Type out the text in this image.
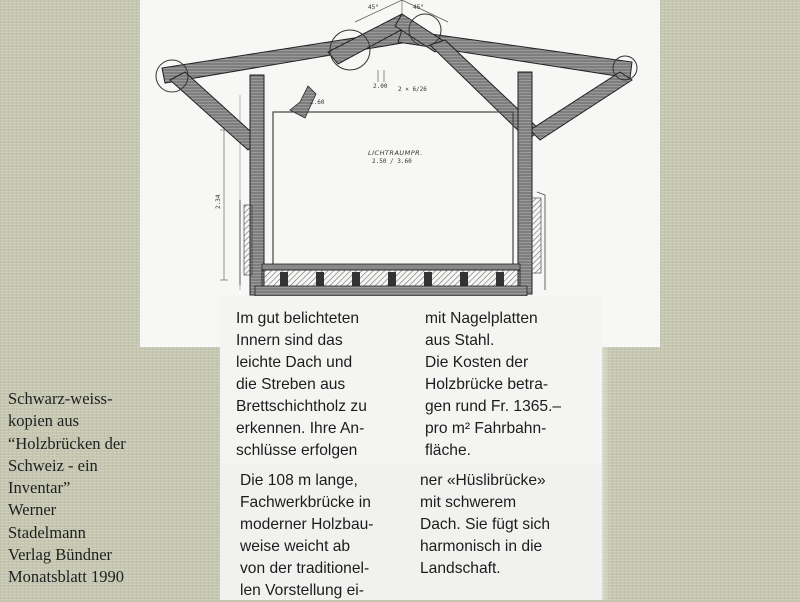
45°	45°
LICHTRAUMPR.
2.50 / 3.60
2.00 2 × 6/26
2.60
2.34
Im gut belichteten
Innern sind das
leichte Dach und
die Streben aus
Brettschichtholz zu
erkennen. Ihre An-
schlüsse erfolgen
mit Nagelplatten
aus Stahl.
Die Kosten der
Holzbrücke betra-
gen rund Fr. 1365.–
pro m² Fahrbahn-
fläche.
Die 108 m lange,
Fachwerkbrücke in
moderner Holzbau-
weise weicht ab
von der traditionel-
len Vorstellung ei-
ner «Hüslibrücke»
mit schwerem
Dach. Sie fügt sich
harmonisch in die
Landschaft.
Schwarz-weiss-
kopien aus
“Holzbrücken der
Schweiz - ein
Inventar”
Werner
Stadelmann
Verlag Bündner
Monatsblatt 1990
